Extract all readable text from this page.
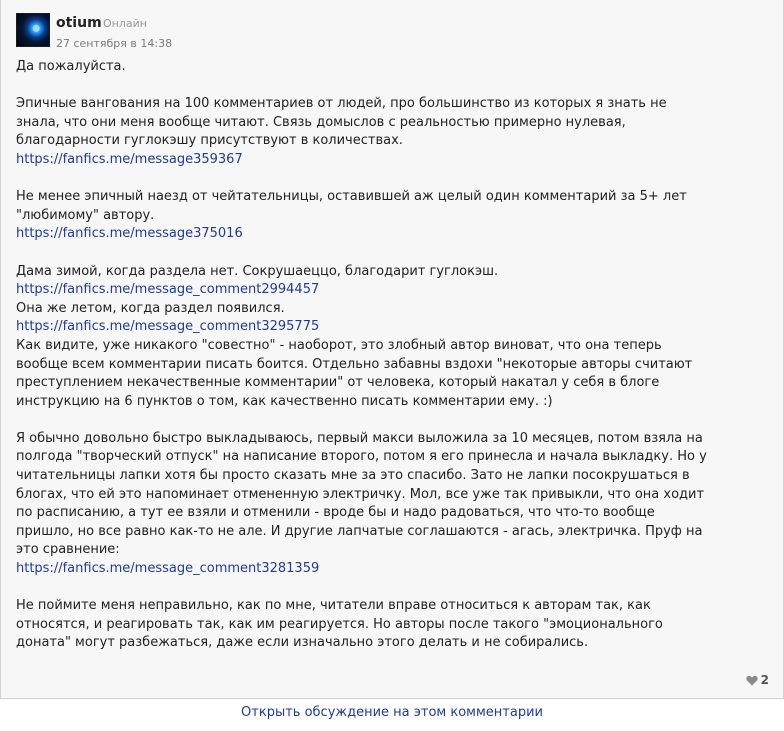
otium Онлайн
27 сентября в 14:38

Да пожалуйста.

Эпичные вангования на 100 комментариев от людей, про большинство из которых я знать не

знала, что они меня вообще читают. Связь домыслов с реальностью примерно нулевая,

благодарности гуглокэшу присутствуют в количествах.

https://fanfics.me/message359367

Не менее эпичный наезд от чейтательницы, оставившей аж целый один комментарий за 5+ лет

"любимому" автору.

https://fanfics.me/message375016

Дама зимой, когда раздела нет. Сокрушаеццо, благодарит гуглокэш.

https://fanfics.me/message_comment2994457

Она же летом, когда раздел появился.

https://fanfics.me/message_comment3295775

Как видите, уже никакого "совестно" - наоборот, это злобный автор виноват, что она теперь

вообще всем комментарии писать боится. Отдельно забавны вздохи "некоторые авторы считают

преступлением некачественные комментарии" от человека, который накатал у себя в блоге

инструкцию на 6 пунктов о том, как качественно писать комментарии ему. :)

Я обычно довольно быстро выкладываюсь, первый макси выложила за 10 месяцев, потом взяла на

полгода "творческий отпуск" на написание второго, потом я его принесла и начала выкладку. Но у

читательницы лапки хотя бы просто сказать мне за это спасибо. Зато не лапки посокрушаться в

блогах, что ей это напоминает отмененную электричку. Мол, все уже так привыкли, что она ходит

по расписанию, а тут ее взяли и отменили - вроде бы и надо радоваться, что что-то вообще

пришло, но все равно как-то не але. И другие лапчатые соглашаются - агась, электричка. Пруф на

это сравнение:

https://fanfics.me/message_comment3281359

Не поймите меня неправильно, как по мне, читатели вправе относиться к авторам так, как

относятся, и реагировать так, как им реагируется. Но авторы после такого "эмоционального

доната" могут разбежаться, даже если изначально этого делать и не собирались.

2
Открыть обсуждение на этом комментарии
